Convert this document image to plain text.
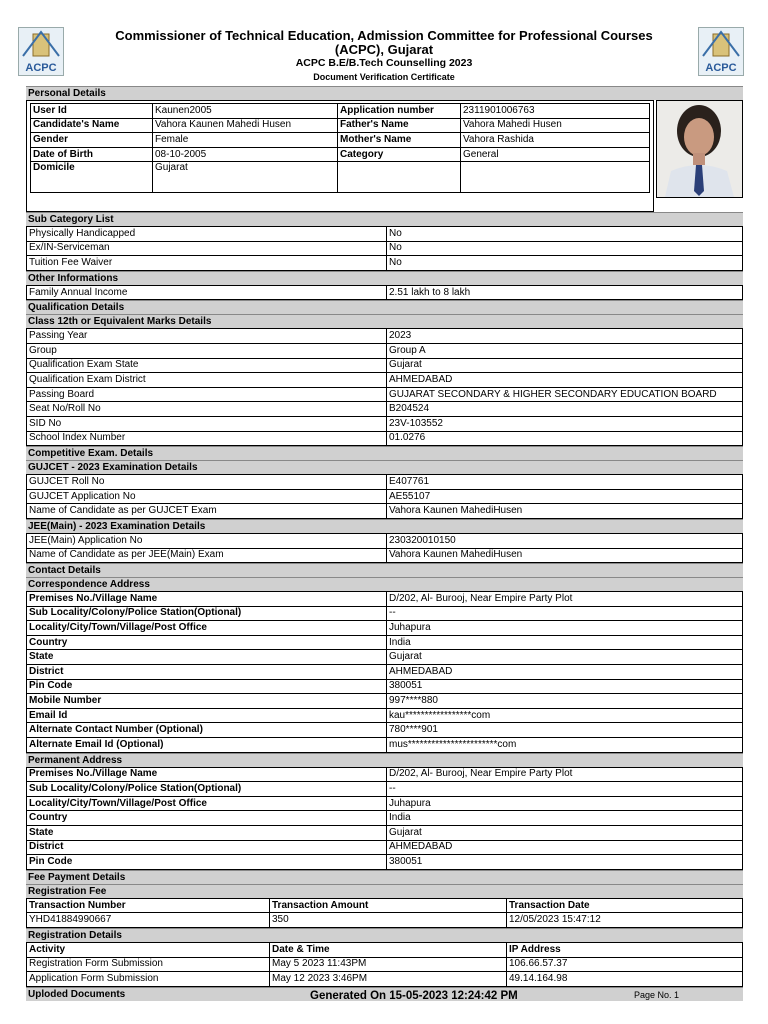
ACPC	ACPC
Commissioner of Technical Education, Admission Committee for Professional Courses (ACPC), Gujarat
ACPC B.E/B.Tech Counselling 2023
Document Verification Certificate
Personal Details
User Id	Kaunen2005	Application number	2311901006763
Candidate's Name	Vahora Kaunen Mahedi Husen	Father's Name	Vahora Mahedi Husen
Gender	Female	Mother's Name	Vahora Rashida
Date of Birth	08-10-2005	Category	General
Domicile	Gujarat		
Sub Category List
Physically Handicapped	No
Ex/IN-Serviceman	No
Tuition Fee Waiver	No
Other Informations
Family Annual Income	2.51 lakh to 8 lakh
Qualification Details
Class 12th or Equivalent Marks Details
Passing Year	2023
Group	Group A
Qualification Exam State	Gujarat
Qualification Exam District	AHMEDABAD
Passing Board	GUJARAT SECONDARY & HIGHER SECONDARY EDUCATION BOARD
Seat No/Roll No	B204524
SID No	23V-103552
School Index Number	01.0276
Competitive Exam. Details
GUJCET - 2023 Examination Details
GUJCET Roll No	E407761
GUJCET Application No	AE55107
Name of Candidate as per GUJCET Exam	Vahora Kaunen MahediHusen
JEE(Main) - 2023 Examination Details
JEE(Main) Application No	230320010150
Name of Candidate as per JEE(Main) Exam	Vahora Kaunen MahediHusen
Contact Details
Correspondence Address
Premises No./Village Name	D/202, Al- Burooj, Near Empire Party Plot
Sub Locality/Colony/Police Station(Optional)	--
Locality/City/Town/Village/Post Office	Juhapura
Country	India
State	Gujarat
District	AHMEDABAD
Pin Code	380051
Mobile Number	997****880
Email Id	kau*****************com
Alternate Contact Number (Optional)	780****901
Alternate Email Id (Optional)	mus***********************com
Permanent Address
Premises No./Village Name	D/202, Al- Burooj, Near Empire Party Plot
Sub Locality/Colony/Police Station(Optional)	--
Locality/City/Town/Village/Post Office	Juhapura
Country	India
State	Gujarat
District	AHMEDABAD
Pin Code	380051
Fee Payment Details
Registration Fee
Transaction Number	Transaction Amount	Transaction Date
YHD41884990667	350	12/05/2023 15:47:12
Registration Details
Activity	Date & Time	IP Address
Registration Form Submission	May 5 2023 11:43PM	106.66.57.37
Application Form Submission	May 12 2023 3:46PM	49.14.164.98
Uploded Documents	Generated On 15-05-2023 12:24:42 PM	Page No. 1
